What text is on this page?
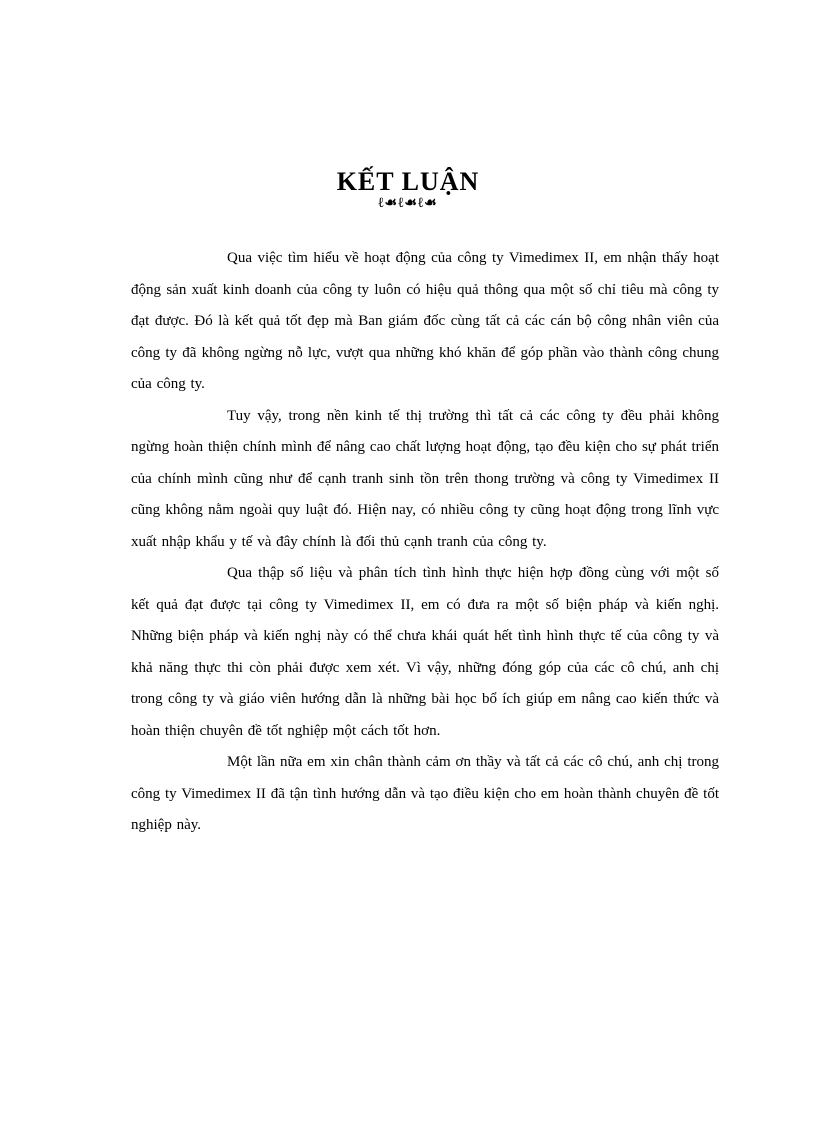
KẾT LUẬN
ℓ☙ℓ☙ℓ☙

Qua việc tìm hiểu về hoạt động của công ty Vimedimex II, em nhận thấy hoạt động sản xuất kinh doanh của công ty luôn có hiệu quả thông qua một số chỉ tiêu mà công ty đạt được. Đó là kết quả tốt đẹp mà Ban giám đốc cùng tất cả các cán bộ công nhân viên của công ty đã không ngừng nỗ lực, vượt qua những khó khăn để góp phần vào thành công chung của công ty.

Tuy vậy, trong nền kinh tế thị trường thì tất cả các công ty đều phải không ngừng hoàn thiện chính mình để nâng cao chất lượng hoạt động, tạo đều kiện cho sự phát triển của chính mình cũng như để cạnh tranh sinh tồn trên thong trường và công ty Vimedimex II cũng không nằm ngoài quy luật đó. Hiện nay, có nhiều công ty cũng hoạt động trong lĩnh vực xuất nhập khẩu y tế và đây chính là đối thủ cạnh tranh của công ty.

Qua thập số liệu và phân tích tình hình thực hiện hợp đồng cùng với một số kết quả đạt được tại công ty Vimedimex II, em có đưa ra một số biện pháp và kiến nghị. Những biện pháp và kiến nghị này có thể chưa khái quát hết tình hình thực tế của công ty và khả năng thực thi còn phải được xem xét. Vì vậy, những đóng góp của các cô chú, anh chị trong công ty và giáo viên hướng dẫn là những bài học bổ ích giúp em nâng cao kiến thức và hoàn thiện chuyên đề tốt nghiệp một cách tốt hơn.

Một lần nữa em xin chân thành cảm ơn thầy và tất cả các cô chú, anh chị trong công ty Vimedimex II đã tận tình hướng dẫn và tạo điều kiện cho em hoàn thành chuyên đề tốt nghiệp này.
